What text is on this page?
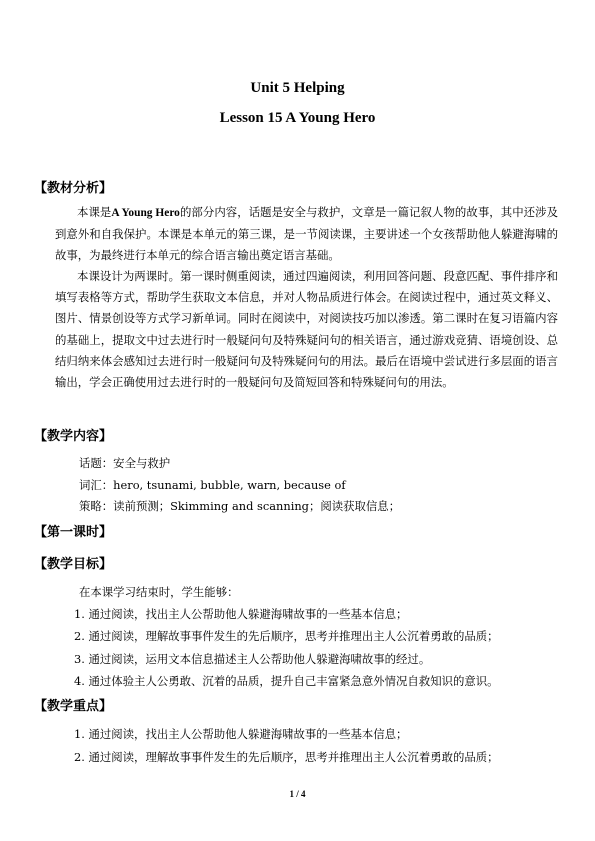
Unit 5 Helping
Lesson 15 A Young Hero
【教材分析】
本课是A Young Hero的部分内容，话题是安全与救护，文章是一篇记叙人物的故事，其中还涉及到意外和自我保护。本课是本单元的第三课，是一节阅读课，主要讲述一个女孩帮助他人躲避海啸的故事，为最终进行本单元的综合语言输出奠定语言基础。
本课设计为两课时。第一课时侧重阅读，通过四遍阅读，利用回答问题、段意匹配、事件排序和填写表格等方式，帮助学生获取文本信息，并对人物品质进行体会。在阅读过程中，通过英文释义、图片、情景创设等方式学习新单词。同时在阅读中，对阅读技巧加以渗透。第二课时在复习语篇内容的基础上，提取文中过去进行时一般疑问句及特殊疑问句的相关语言，通过游戏竞猜、语境创设、总结归纳来体会感知过去进行时一般疑问句及特殊疑问句的用法。最后在语境中尝试进行多层面的语言输出，学会正确使用过去进行时的一般疑问句及简短回答和特殊疑问句的用法。
【教学内容】
话题：安全与救护
词汇：hero, tsunami, bubble, warn, because of
策略：读前预测；Skimming and scanning；阅读获取信息；
【第一课时】
【教学目标】
在本课学习结束时，学生能够：
1. 通过阅读，找出主人公帮助他人躲避海啸故事的一些基本信息；
2. 通过阅读，理解故事事件发生的先后顺序，思考并推理出主人公沉着勇敢的品质；
3. 通过阅读，运用文本信息描述主人公帮助他人躲避海啸故事的经过。
4. 通过体验主人公勇敢、沉着的品质，提升自己丰富紧急意外情况自救知识的意识。
【教学重点】
1. 通过阅读，找出主人公帮助他人躲避海啸故事的一些基本信息；
2. 通过阅读，理解故事事件发生的先后顺序，思考并推理出主人公沉着勇敢的品质；
1 / 4
